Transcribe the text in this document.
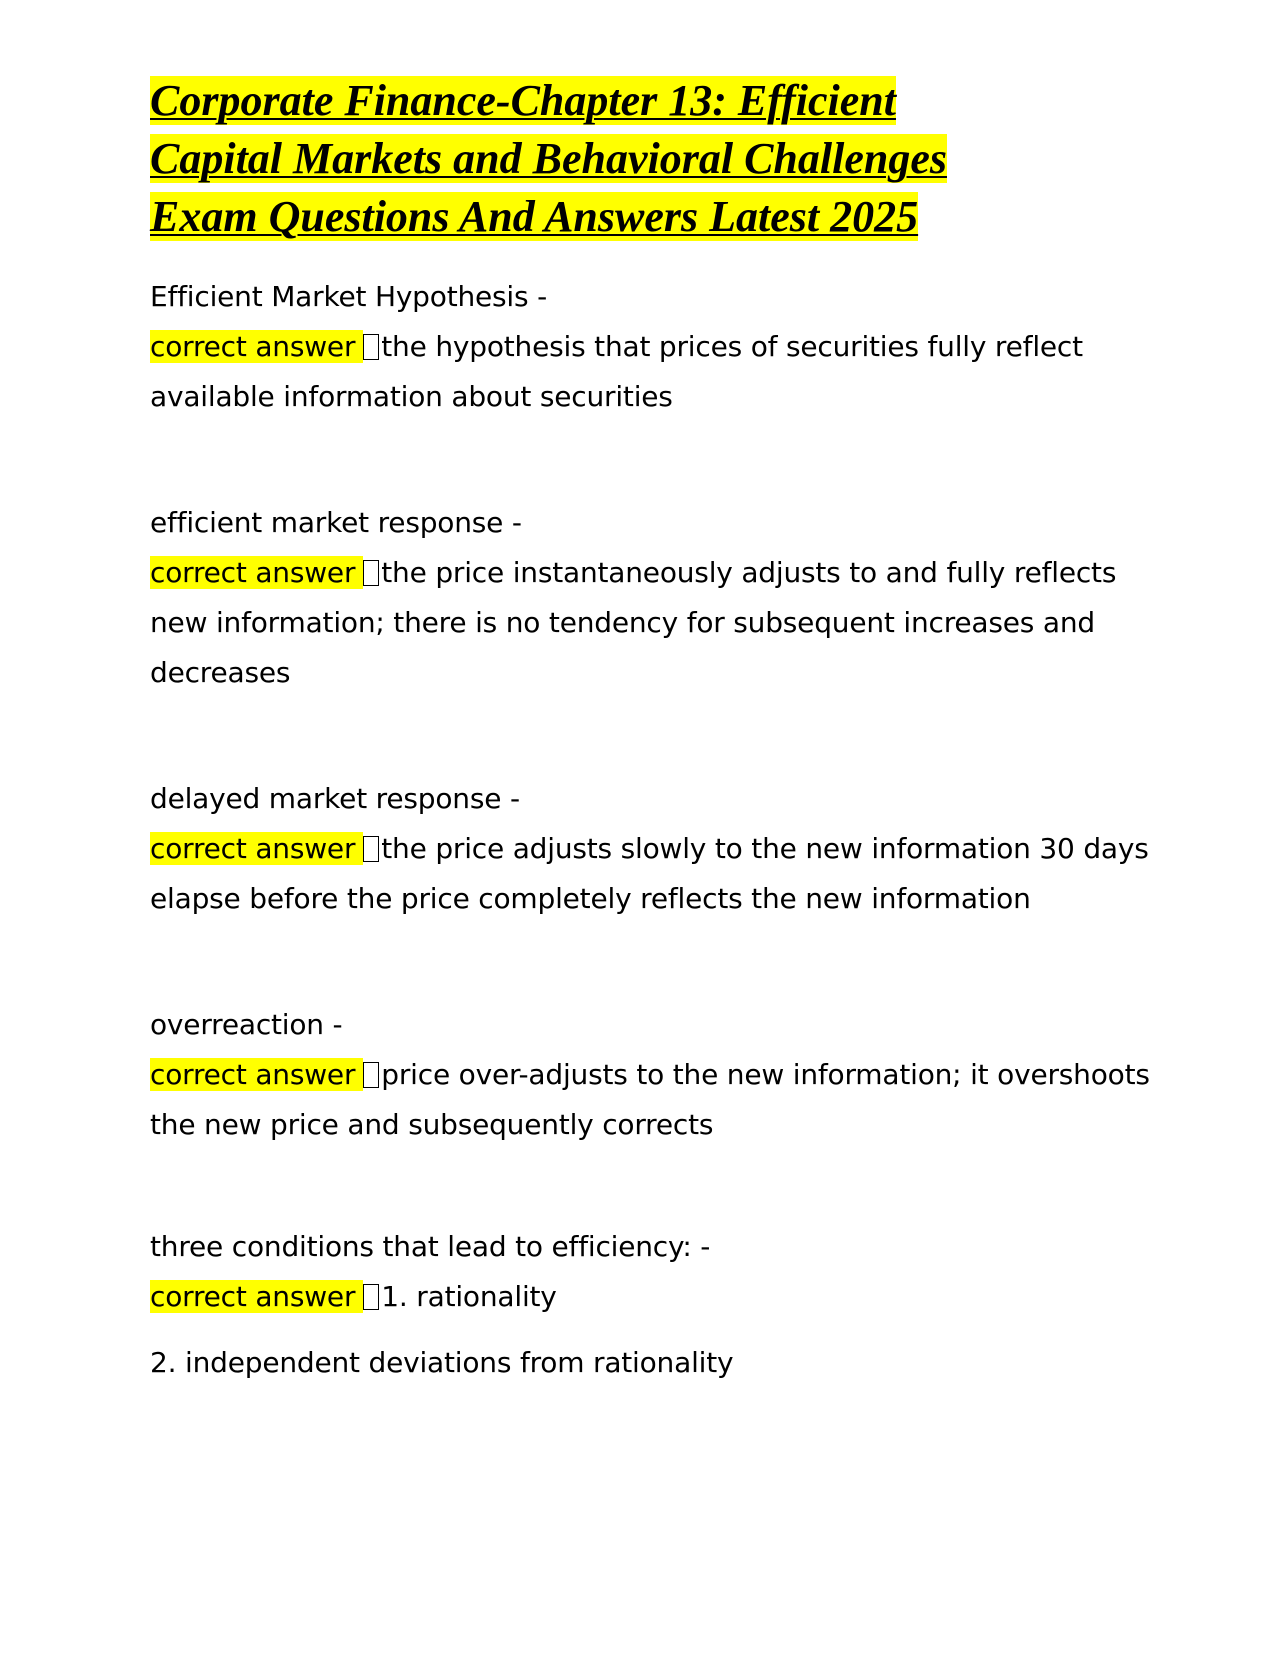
Corporate Finance-Chapter 13: Efficient
Capital Markets and Behavioral Challenges
Exam Questions And Answers Latest 2025
Efficient Market Hypothesis -
correct answer the hypothesis that prices of securities fully reflect available information about securities
efficient market response -
correct answer the price instantaneously adjusts to and fully reflects new information; there is no tendency for subsequent increases and decreases
delayed market response -
correct answer the price adjusts slowly to the new information 30 days elapse before the price completely reflects the new information
overreaction -
correct answer price over-adjusts to the new information; it overshoots the new price and subsequently corrects
three conditions that lead to efficiency: -
correct answer 1. rationality
2. independent deviations from rationality
